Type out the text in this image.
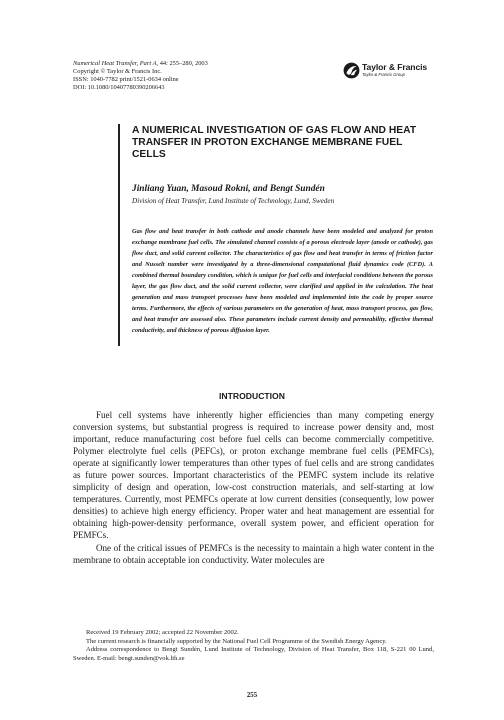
Numerical Heat Transfer, Part A, 44: 255–280, 2003
Copyright © Taylor & Francis Inc.
ISSN: 1040-7782 print/1521-0634 online
DOI: 10.1080/10407780390206643
Taylor & Francis
Taylor & Francis Group
A NUMERICAL INVESTIGATION OF GAS FLOW AND HEAT TRANSFER IN PROTON EXCHANGE MEMBRANE FUEL CELLS
Jinliang Yuan, Masoud Rokni, and Bengt Sundén
Division of Heat Transfer, Lund Institute of Technology, Lund, Sweden
Gas flow and heat transfer in both cathode and anode channels have been modeled and analyzed for proton exchange membrane fuel cells. The simulated channel consists of a porous electrode layer (anode or cathode), gas flow duct, and solid current collector. The characteristics of gas flow and heat transfer in terms of friction factor and Nusselt number were investigated by a three-dimensional computational fluid dynamics code (CFD). A combined thermal boundary condition, which is unique for fuel cells and interfacial conditions between the porous layer, the gas flow duct, and the solid current collector, were clarified and applied in the calculation. The heat generation and mass transport processes have been modeled and implemented into the code by proper source terms. Furthermore, the effects of various parameters on the generation of heat, mass transport process, gas flow, and heat transfer are assessed also. These parameters include current density and permeability, effective thermal conductivity, and thickness of porous diffusion layer.
INTRODUCTION

Fuel cell systems have inherently higher efficiencies than many competing energy conversion systems, but substantial progress is required to increase power density and, most important, reduce manufacturing cost before fuel cells can become commercially competitive. Polymer electrolyte fuel cells (PEFCs), or proton exchange membrane fuel cells (PEMFCs), operate at significantly lower temperatures than other types of fuel cells and are strong candidates as future power sources. Important characteristics of the PEMFC system include its relative simplicity of design and operation, low-cost construction materials, and self-starting at low temperatures. Currently, most PEMFCs operate at low current densities (consequently, low power densities) to achieve high energy efficiency. Proper water and heat management are essential for obtaining high-power-density performance, overall system power, and efficient operation for PEMFCs.

One of the critical issues of PEMFCs is the necessity to maintain a high water content in the membrane to obtain acceptable ion conductivity. Water molecules are

Received 19 February 2002; accepted 22 November 2002.

The current research is financially supported by the National Fuel Cell Programme of the Swedish Energy Agency.

Address correspondence to Bengt Sundén, Lund Institute of Technology, Division of Heat Transfer, Box 118, S-221 00 Lund, Sweden. E-mail: bengt.sunden@vok.lth.se

255
